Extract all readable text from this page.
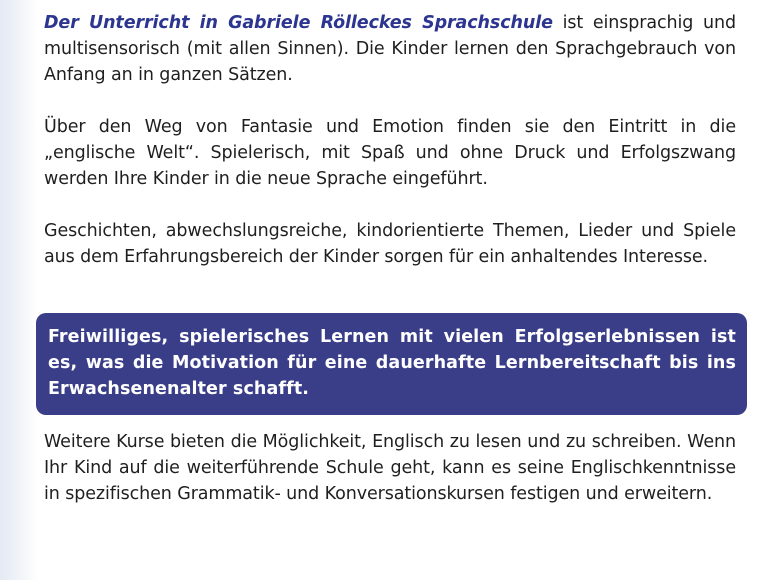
Der Unterricht in Gabriele Rölleckes Sprachschule ist einsprachig und multisensorisch (mit allen Sinnen). Die Kinder lernen den Sprachgebrauch von Anfang an in ganzen Sätzen.

Über den Weg von Fantasie und Emotion finden sie den Eintritt in die „englische Welt“. Spielerisch, mit Spaß und ohne Druck und Erfolgszwang werden Ihre Kinder in die neue Sprache eingeführt.

Geschichten, abwechslungsreiche, kindorientierte Themen, Lieder und Spiele aus dem Erfahrungsbereich der Kinder sorgen für ein anhaltendes Interesse.

Freiwilliges, spielerisches Lernen mit vielen Erfolgserlebnissen ist es, was die Motivation für eine dauerhafte Lernbereitschaft bis ins Erwachsenenalter schafft.

Weitere Kurse bieten die Möglichkeit, Englisch zu lesen und zu schreiben. Wenn Ihr Kind auf die weiterführende Schule geht, kann es seine Englischkenntnisse in spezifischen Grammatik- und Konversationskursen festigen und erweitern.
